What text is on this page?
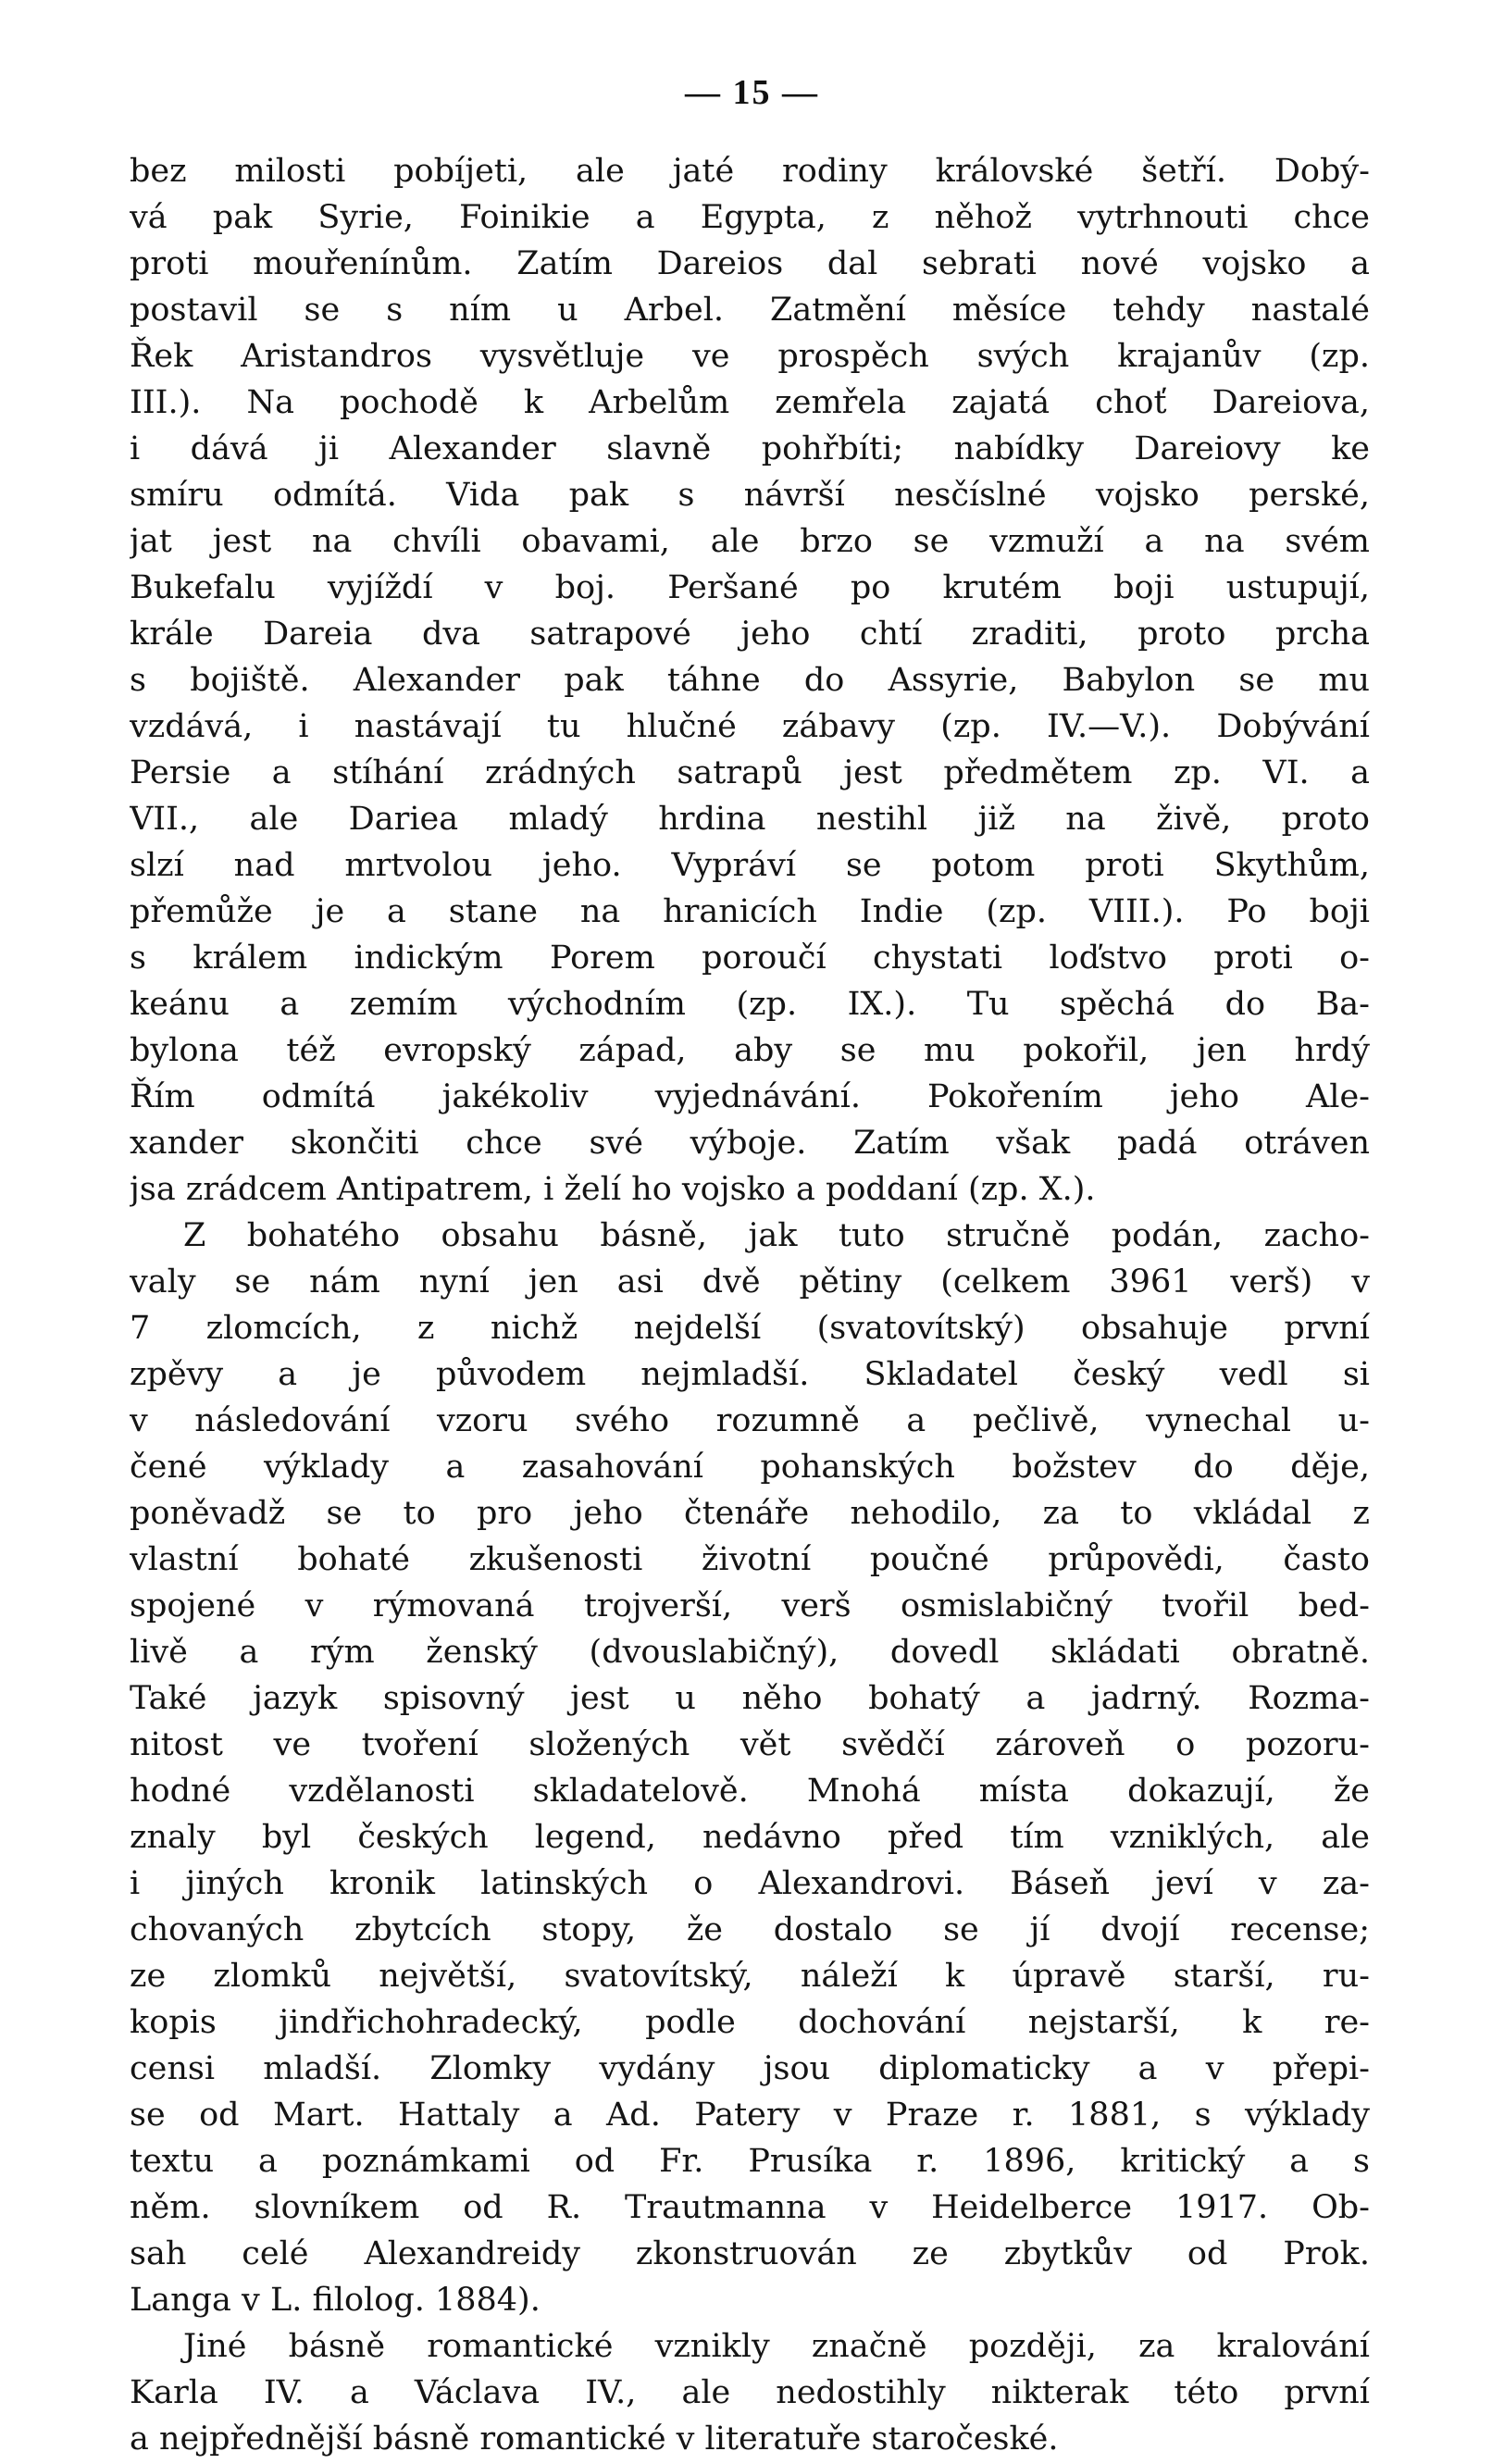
— 15 —
bez milosti pobíjeti, ale jaté rodiny královské šetří. Dobý-
vá pak Syrie, Foinikie a Egypta, z něhož vytrhnouti chce
proti mouřenínům. Zatím Dareios dal sebrati nové vojsko a
postavil se s ním u Arbel. Zatmění měsíce tehdy nastalé
Řek Aristandros vysvětluje ve prospěch svých krajanův (zp.
III.). Na pochodě k Arbelům zemřela zajatá choť Dareiova,
i dává ji Alexander slavně pohřbíti; nabídky Dareiovy ke
smíru odmítá. Vida pak s návrší nesčíslné vojsko perské,
jat jest na chvíli obavami, ale brzo se vzmuží a na svém
Bukefalu vyjíždí v boj. Peršané po krutém boji ustupují,
krále Dareia dva satrapové jeho chtí zraditi, proto prcha
s bojiště. Alexander pak táhne do Assyrie, Babylon se mu
vzdává, i nastávají tu hlučné zábavy (zp. IV.—V.). Dobývání
Persie a stíhání zrádných satrapů jest předmětem zp. VI. a
VII., ale Dariea mladý hrdina nestihl již na živě, proto
slzí nad mrtvolou jeho. Vypráví se potom proti Skythům,
přemůže je a stane na hranicích Indie (zp. VIII.). Po boji
s králem indickým Porem poroučí chystati loďstvo proti o-
keánu a zemím východním (zp. IX.). Tu spěchá do Ba-
bylona též evropský západ, aby se mu pokořil, jen hrdý
Řím odmítá jakékoliv vyjednávání. Pokořením jeho Ale-
xander skončiti chce své výboje. Zatím však padá otráven
jsa zrádcem Antipatrem, i želí ho vojsko a poddaní (zp. X.).
Z bohatého obsahu básně, jak tuto stručně podán, zacho-
valy se nám nyní jen asi dvě pětiny (celkem 3961 verš) v
7 zlomcích, z nichž nejdelší (svatovítský) obsahuje první
zpěvy a je původem nejmladší. Skladatel český vedl si
v následování vzoru svého rozumně a pečlivě, vynechal u-
čené výklady a zasahování pohanských božstev do děje,
poněvadž se to pro jeho čtenáře nehodilo, za to vkládal z
vlastní bohaté zkušenosti životní poučné průpovědi, často
spojené v rýmovaná trojverší, verš osmislabičný tvořil bed-
livě a rým ženský (dvouslabičný), dovedl skládati obratně.
Také jazyk spisovný jest u něho bohatý a jadrný. Rozma-
nitost ve tvoření složených vět svědčí zároveň o pozoru-
hodné vzdělanosti skladatelově. Mnohá místa dokazují, že
znaly byl českých legend, nedávno před tím vzniklých, ale
i jiných kronik latinských o Alexandrovi. Báseň jeví v za-
chovaných zbytcích stopy, že dostalo se jí dvojí recense;
ze zlomků největší, svatovítský, náleží k úpravě starší, ru-
kopis jindřichohradecký, podle dochování nejstarší, k re-
censi mladší. Zlomky vydány jsou diplomaticky a v přepi-
se od Mart. Hattaly a Ad. Patery v Praze r. 1881, s výklady
textu a poznámkami od Fr. Prusíka r. 1896, kritický a s
něm. slovníkem od R. Trautmanna v Heidelberce 1917. Ob-
sah celé Alexandreidy zkonstruován ze zbytkův od Prok.
Langa v L. filolog. 1884).
Jiné básně romantické vznikly značně později, za kralování
Karla IV. a Václava IV., ale nedostihly nikterak této první
a nejpřednější básně romantické v literatuře staročeské.
